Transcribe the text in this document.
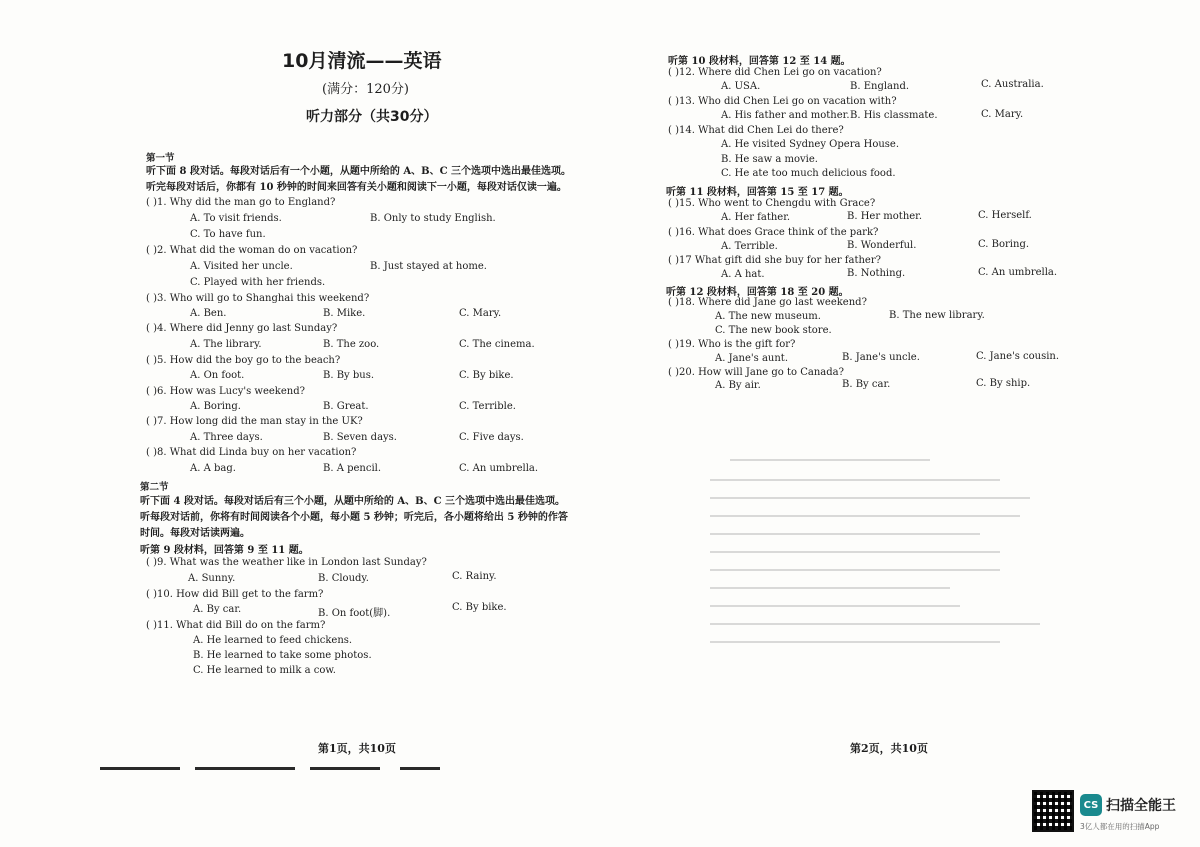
10月清流——英语
(满分：120分)
听力部分（共30分）
第一节
听下面 8 段对话。每段对话后有一个小题，从题中所给的 A、B、C 三个选项中选出最佳选项。
听完每段对话后，你都有 10 秒钟的时间来回答有关小题和阅读下一小题，每段对话仅读一遍。
( )1. Why did the man go to England?
A. To visit friends.	B. Only to study English.
C. To have fun.
( )2. What did the woman do on vacation?
A. Visited her uncle.	B. Just stayed at home.
C. Played with her friends.
( )3. Who will go to Shanghai this weekend?
A. Ben.	B. Mike.	C. Mary.
( )4. Where did Jenny go last Sunday?
A. The library.	B. The zoo.	C. The cinema.
( )5. How did the boy go to the beach?
A. On foot.	B. By bus.	C. By bike.
( )6. How was Lucy's weekend?
A. Boring.	B. Great.	C. Terrible.
( )7. How long did the man stay in the UK?
A. Three days.	B. Seven days.	C. Five days.
( )8. What did Linda buy on her vacation?
A. A bag.	B. A pencil.	C. An umbrella.
第二节
听下面 4 段对话。每段对话后有三个小题，从题中所给的 A、B、C 三个选项中选出最佳选项。
听每段对话前，你将有时间阅读各个小题，每小题 5 秒钟；听完后，各小题将给出 5 秒钟的作答
时间。每段对话读两遍。
听第 9 段材料，回答第 9 至 11 题。
( )9. What was the weather like in London last Sunday?
A. Sunny.	B. Cloudy.	C. Rainy.
( )10. How did Bill get to the farm?
A. By car.	B. On foot(脚).
C. By bike.
( )11. What did Bill do on the farm?
A. He learned to feed chickens.
B. He learned to take some photos.
C. He learned to milk a cow.
第1页，共10页
听第 10 段材料，回答第 12 至 14 题。
( )12. Where did Chen Lei go on vacation?
A. USA.	B. England.	C. Australia.
( )13. Who did Chen Lei go on vacation with?
A. His father and mother. B. His classmate.	C. Mary.
( )14. What did Chen Lei do there?
A. He visited Sydney Opera House.
B. He saw a movie.
C. He ate too much delicious food.
听第 11 段材料，回答第 15 至 17 题。
( )15. Who went to Chengdu with Grace?
A. Her father.	B. Her mother.	C. Herself.
( )16. What does Grace think of the park?
A. Terrible.	B. Wonderful.	C. Boring.
( )17 What gift did she buy for her father?
A. A hat.	B. Nothing.	C. An umbrella.
听第 12 段材料，回答第 18 至 20 题。
( )18. Where did Jane go last weekend?
A. The new museum.	B. The new library.
C. The new book store.
( )19. Who is the gift for?
A. Jane's aunt.	B. Jane's uncle.	C. Jane's cousin.
( )20. How will Jane go to Canada?
A. By air.	B. By car.	C. By ship.
第2页，共10页
CS 扫描全能王
3亿人都在用的扫描App
